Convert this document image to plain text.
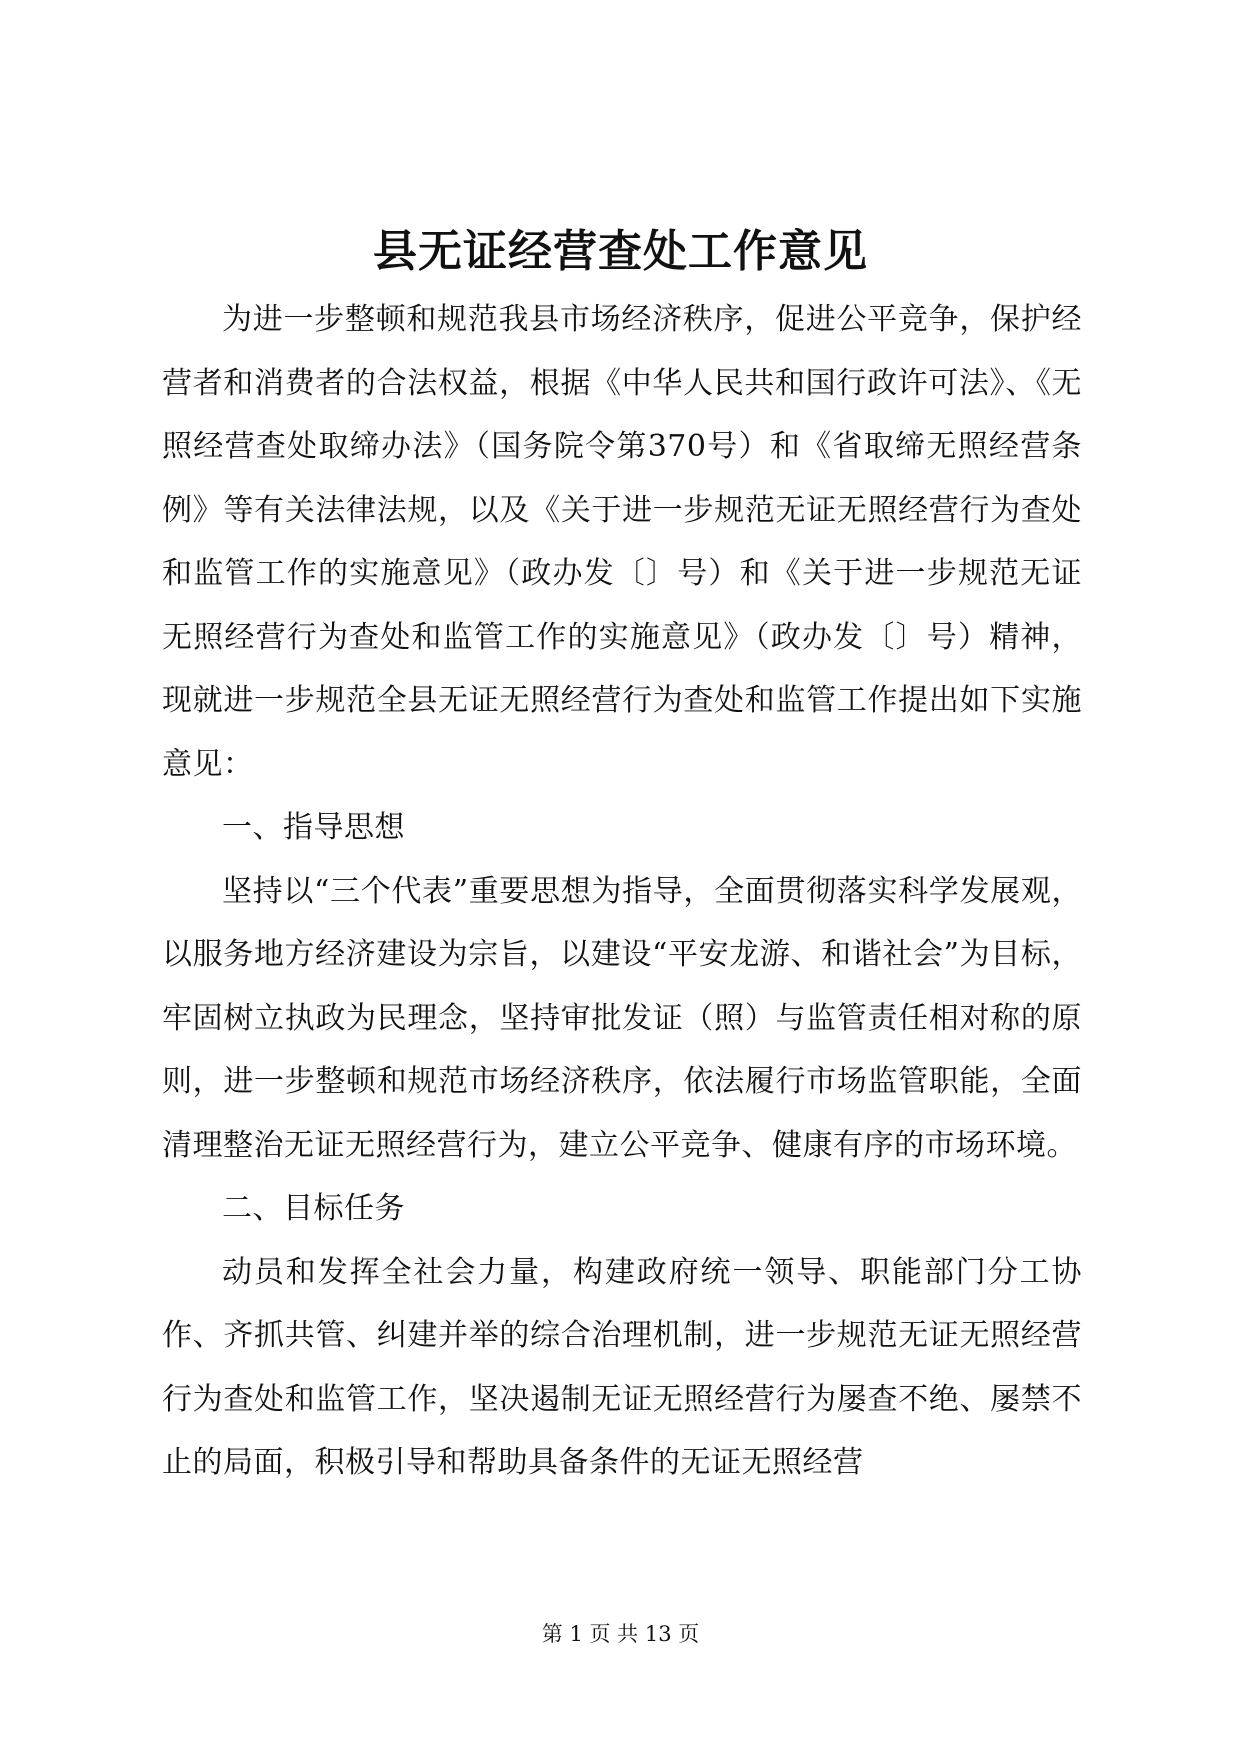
县无证经营查处工作意见

为进一步整顿和规范我县市场经济秩序，促进公平竞争，保护经营者和消费者的合法权益，根据《中华人民共和国行政许可法》、《无照经营查处取缔办法》（国务院令第370号）和《省取缔无照经营条例》等有关法律法规，以及《关于进一步规范无证无照经营行为查处和监管工作的实施意见》（政办发〔〕号）和《关于进一步规范无证无照经营行为查处和监管工作的实施意见》（政办发〔〕号）精神，现就进一步规范全县无证无照经营行为查处和监管工作提出如下实施意见：

一、指导思想

坚持以“三个代表”重要思想为指导，全面贯彻落实科学发展观，以服务地方经济建设为宗旨，以建设“平安龙游、和谐社会”为目标，牢固树立执政为民理念，坚持审批发证（照）与监管责任相对称的原则，进一步整顿和规范市场经济秩序，依法履行市场监管职能，全面清理整治无证无照经营行为，建立公平竞争、健康有序的市场环境。

二、目标任务

动员和发挥全社会力量，构建政府统一领导、职能部门分工协作、齐抓共管、纠建并举的综合治理机制，进一步规范无证无照经营行为查处和监管工作，坚决遏制无证无照经营行为屡查不绝、屡禁不止的局面，积极引导和帮助具备条件的无证无照经营

第 1 页 共 13 页
